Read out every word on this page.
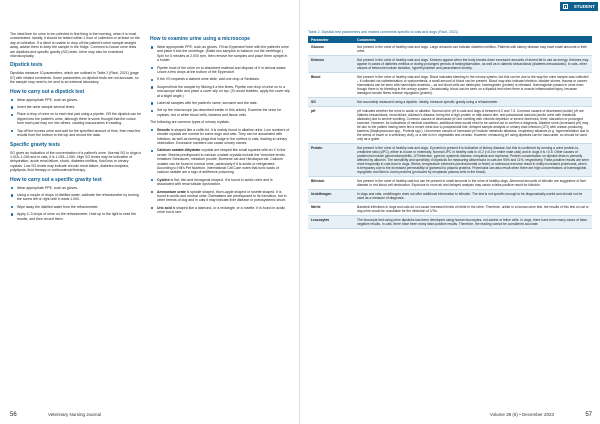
The ideal time for urine to be collected is first thing in the morning, when it is most concentrated. Ideally, it should be tested within 1 hour of collection or at least on the day of collection. If a client is unable to drop off the patient's urine sample straight away, advise them to keep the sample in the fridge. Common in-house urine tests are dipsticks and specific gravity (SG) tests. Urine may also be examined microscopically.

Dipstick tests

Dipsticks measure 10 parameters, which are outlined in Table 2 (Rizzi, 2021) (page 57) with related comments. Some parameters on dipstick tests are not accurate, so the sample may need to be sent to an external laboratory.

How to carry out a dipstick test
Wear appropriate PPE, such as gloves.
Invert the urine sample several times.
Place a drop of urine on to each test pad using a pipette. OR the dipstick can be dipped into the patient's urine, although there is some thought that the colour from each pad may run into others, causing inaccuracies in reading.
Tap off the excess urine and wait for the specified amount of time, then read the results from the bottom to the top and record the data.
Specific gravity tests

SG gives an indication of the concentration of a patient's urine. Normal SG in dogs is 1.015–1.045 and in cats, it is 1.035–1.060. High SG levels may be indicative of dehydration, acute renal failure, shock, diabetes mellitus, fluid loss or urinary crystals. Low SG levels may indicate chronic renal failure, diabetes insipidus, polydipsia, fluid therapy or corticosteroid therapy.

How to carry out a specific gravity test
Wear appropriate PPE, such as gloves.
Using a couple of drops of distilled water, calibrate the refractometer by turning the screw left or right until it reads 1.000.
Wipe away the distilled water from the refractometer.
Apply 2–3 drops of urine on the refractometer. Hold up to the light to read the results, and then record them.
How to examine urine using a microscope
Wear appropriate PPE, such as gloves. Fill an Eppendorf tube with the patient's urine and place it into the centrifuge. (Make two samples to balance out the centrifuge.) Spin for 5 minutes at 2,000 rpm, then remove the samples and place them upright in a holder.
Pipette most of the urine on to absorbent material and dispose of it in clinical waste. Leave a few drops at the bottom of the Eppendorf.
If the VS requests a stained urine slide, add one drop of Sedistain.
Suspend/mix the sample by flicking it a few times. Pipette one drop of urine on to a microscope slide and place a cover slip on top. (To avoid bubbles, apply the cover slip at a slight angle.)
Label all samples with the patient's name, surname and the date.
Set up the microscope (as described earlier in this article). Examine the urine for crystals, red or white blood cells, bacteria and tissue cells.

The following are common types of urinary crystals.

Struvite is shaped like a coffin lid. It is mainly found in alkaline urine. Low numbers of struvite crystals are normal for some dogs and cats. They can be associated with infection, as well as forming plugs that lodge in the urethra in cats, leading to urinary obstruction. Excessive numbers can cause urinary stones.
Calcium oxalate dihydrate crystals are shaped like small squares with an X in the center. Breeds predisposed to calcium oxalate crystals include the Yorkshire terrier, miniature Schnauzer, miniature poodle, Burmese cat and Himalayan cat. Calcium oxalate can be found in normal urine, particularly if it is acidic or refrigerated. According to Hill's Pet Nutrition, International Cat Care notes that toxic loads of calcium oxalate are a sign of antifreeze poisoning.
Cystine is flat, thin and hexagonal shaped. It is found in acidic urine and is associated with renal tubular dysfunction.
Ammonium urate is spindle shaped, thorn-apple shaped or rosette shaped. It is found in acidic and neutral urine. Dalmatians are predisposed to its formation, but in other breeds of dog and in cats it may indicate liver disease or portosystemic shunt.
Uric acid is shaped like a diamond, or a rectangle, or a rosette. It is found in acidic urine but is rare.
56	Veterinary Nursing Journal
STUDENT
Table 2. Dipstick test parameters and related comments specific to cats and dogs (Rizzi, 2021)
Parameter	Comments
Glucose	Not present in the urine of healthy cats and dogs. Large amounts can indicate diabetes mellitus. Patients with kidney disease may have small amounts in their urine.
Ketones	Not present in the urine of healthy cats and dogs. Ketones appear when the body breaks down excessive amounts of stored fat to use as energy. Ketones may appear in cases of diabetes mellitus or during prolonged periods of fasting/starvation, as well as in diabetic ketoacidosis (diabetes ketoacidosis). In cats, other causes of ketonuria include lactation, hyperthyroidism and paracetamol toxicity.
Blood	Not present in the urine of healthy cats and dogs. Blood indicates bleeding in the urinary system, but this can be due to the way the urine sample was collected – if collected via catheterisation or cystocentesis, a small amount of blood can be present. Blood may also indicate infection, bladder stones, trauma or cancer. Haematuria can be seen with haemolytic anaemia – as red blood cells are destroyed, haemoglobin (protein) is released. Haemoglobin passes in urine even though there is no bleeding in the urinary system. Occasionally, blood can be seen on a dipstick test when there is muscle inflammation/injury, because damaged muscle fibres release myoglobin (protein).
SG	Not accurately measured using a dipstick. Ideally, measure specific gravity using a refractometer.
pH	pH indicates whether the urine is acidic or alkaline. Normal urine pH in cats and dogs is between 6.0 and 7.5. Common causes of decreased (acidic) pH are diabetic ketoacidosis, renal failure, Addison's disease, being fed a high-protein or milk-based diet, and paradoxical aciduria (acidic urine with metabolic alkalosis) due to severe vomiting. Common causes of decreased pH are vomiting with chloride depletion or severe diarrhoea, fever, starvation or prolonged exercise. However, for indications of medical conditions, additional tests would need to be carried out to confirm a diagnosis. Alkaline urine (increased pH) may be due to the patient having been fed a recent meal due to postprandial tide, delayed sample analysis or urinary tract infection (UTI) with urease-producing bacteria (Staphylococcus spp., Proteus spp.). Uncommon causes of increased pH include metabolic alkalosis, respiratory alkalosis (e.g. hyperventilation due to the stress of travel or a veterinary visit), or a diet rich in vegetables and cereals. However, measuring pH using dipsticks can be inaccurate, so should be used only as a guide.
Protein	Not present in the urine of healthy cats and dogs. If protein is present it is indicative of kidney disease, but this is confirmed by running a urine protein-to-creatinine ratio (UPC), either in-house or externally. Normal UPC in healthy cats is <0.2 (<0.4 in entire male cats) and in dogs it is <0.5. Other causes of proteinuria include glomerulonephritis, UTI/infection, pyrexia, systemic disease, neoplasia and myeloma. Protein concentration on dipstick tests is primarily affected by albumin. The sensitivity and specificity of dipsticks for measuring albuminuria in cats are 90% and 11%, respectively. False-positive results are seen more frequently in cats than in dogs. Stress, temperature extremes (environmental or fever) or strenuous exercise result in mildly increased proteinuria, which is temporary due to the increased permeability of glomeruli to plasma proteins. Proteinuria can also result when there are high concentrations of haemoglobin, myoglobin and Bence-Jones proteins (produced by neoplastic plasma cells in the blood).
Bilirubin	Not present in the urine of healthy cats but can be present in small amounts in the urine of healthy dogs. Abnormal amounts of bilirubin are suggestive of liver disease or red blood cell destruction. Exposure to room air and delayed analysis may cause a false-positive result for bilirubin.
Urobilinogen	In dogs and cats, urobilinogen does not offer additional information to bilirubin. The test is not specific enough to be diagnostically useful and should not be used as a measure of diagnosis.
Nitrite	Bacterial infections in dogs and cats do not cause increased levels of nitrite in the urine. Therefore, unlike in a human urine test, the results of this test on cat or dog urine would be unsuitable for the detection of UTIs.
Leucocytes	The leucocyte test using urine dipsticks has been developed using human leucocytes, not canine or feline cells. In dogs, there have been many cases of false-negative results. In cats, there have been many false-positive results. Therefore, the reading cannot be considered accurate.
Volume 38 (6) • December 2023	57
